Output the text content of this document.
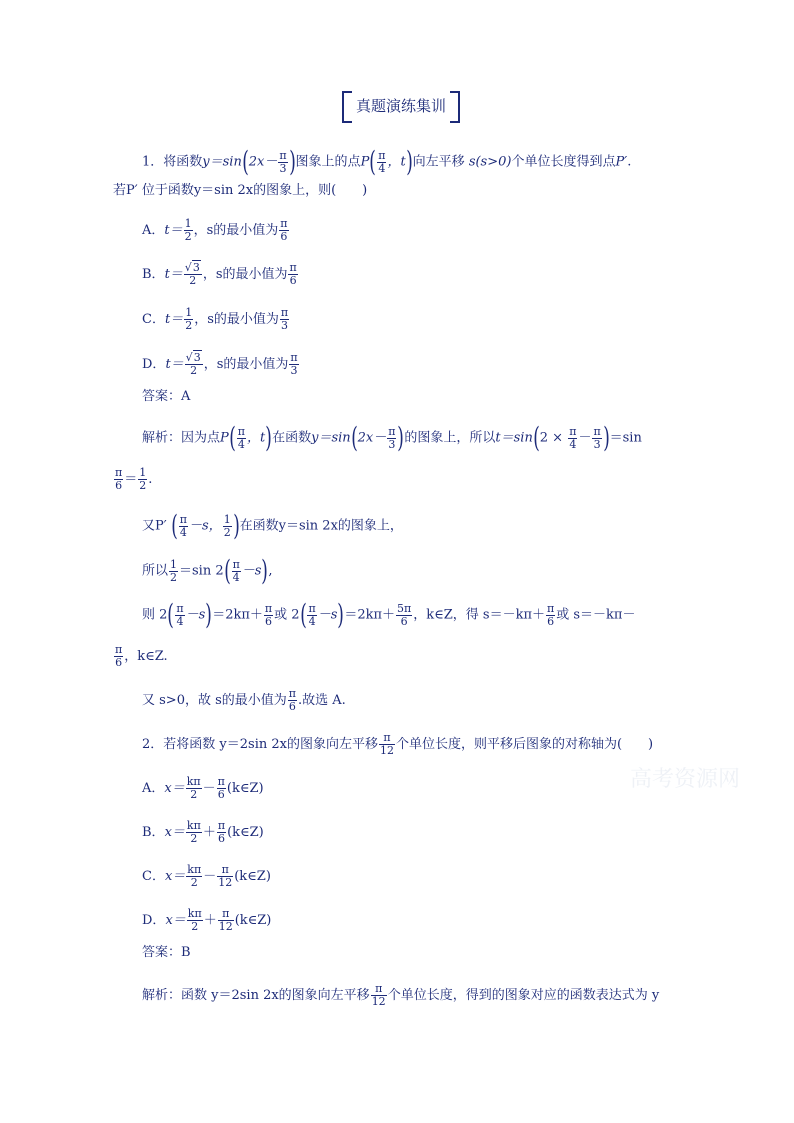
真题演练集训
1．将函数$y=\sin(2x- \frac{\pi}{3}$ )图象上的点$P( \frac{\pi}{4}$ ，t)向左平移 s(s>0)个单位长度得到点P′.
若P′ 位于函数y＝sin 2x的图象上，则(　　)
A．$t= \frac{1}{2}$ ，s的最小值为 $\frac{\pi}{6}$
B．$t= \frac{√3}{2}$ ，s的最小值为 $\frac{\pi}{6}$
C．$t= \frac{1}{2}$ ，s的最小值为 $\frac{\pi}{3}$
D．$t= \frac{√3}{2}$ ，s的最小值为 $\frac{\pi}{3}$
答案：A
解析：因为点$P( \frac{\pi}{4}$ ，t)在函数$y=\sin(2x- \frac{\pi}{3}$ )的图象上，所以$t=\sin(2 \times \frac{\pi}{4} - \frac{\pi}{3} )=\sin$
$\frac{\pi}{6} = \frac{1}{2}$ .
又P′ ( $\frac{\pi}{4} -s$， $\frac{1}{2}$ )在函数y＝sin 2x的图象上，
所以 $\frac{1}{2} =\sin$ $2( \frac{\pi}{4} -s)$,
则 $2( \frac{\pi}{4} -s)=2k\pi+ \frac{\pi}{6}$ 或 $2( \frac{\pi}{4} -s)=2k\pi+ \frac{5\pi}{6}$ ，k∈Z，得 $s=-k\pi+ \frac{\pi}{6}$ 或 s＝－kπ－
$\frac{\pi}{6}$ ，k∈Z.
又 s>0，故 s的最小值为 $\frac{\pi}{6}$ .故选 A.
2．若将函数 y＝2sin 2x的图象向左平移 $\frac{\pi}{12}$ 个单位长度，则平移后图象的对称轴为(　　)
高考资源网
A．$x= \frac{k\pi}{2} - \frac{\pi}{6}$ (k∈Z)
B．$x= \frac{k\pi}{2} + \frac{\pi}{6}$ (k∈Z)
C．$x= \frac{k\pi}{2} - \frac{\pi}{12}$ (k∈Z)
D．$x= \frac{k\pi}{2} + \frac{\pi}{12}$ (k∈Z)
答案：B
解析：函数 y＝2sin 2x的图象向左平移 $\frac{\pi}{12}$ 个单位长度，得到的图象对应的函数表达式为 y
